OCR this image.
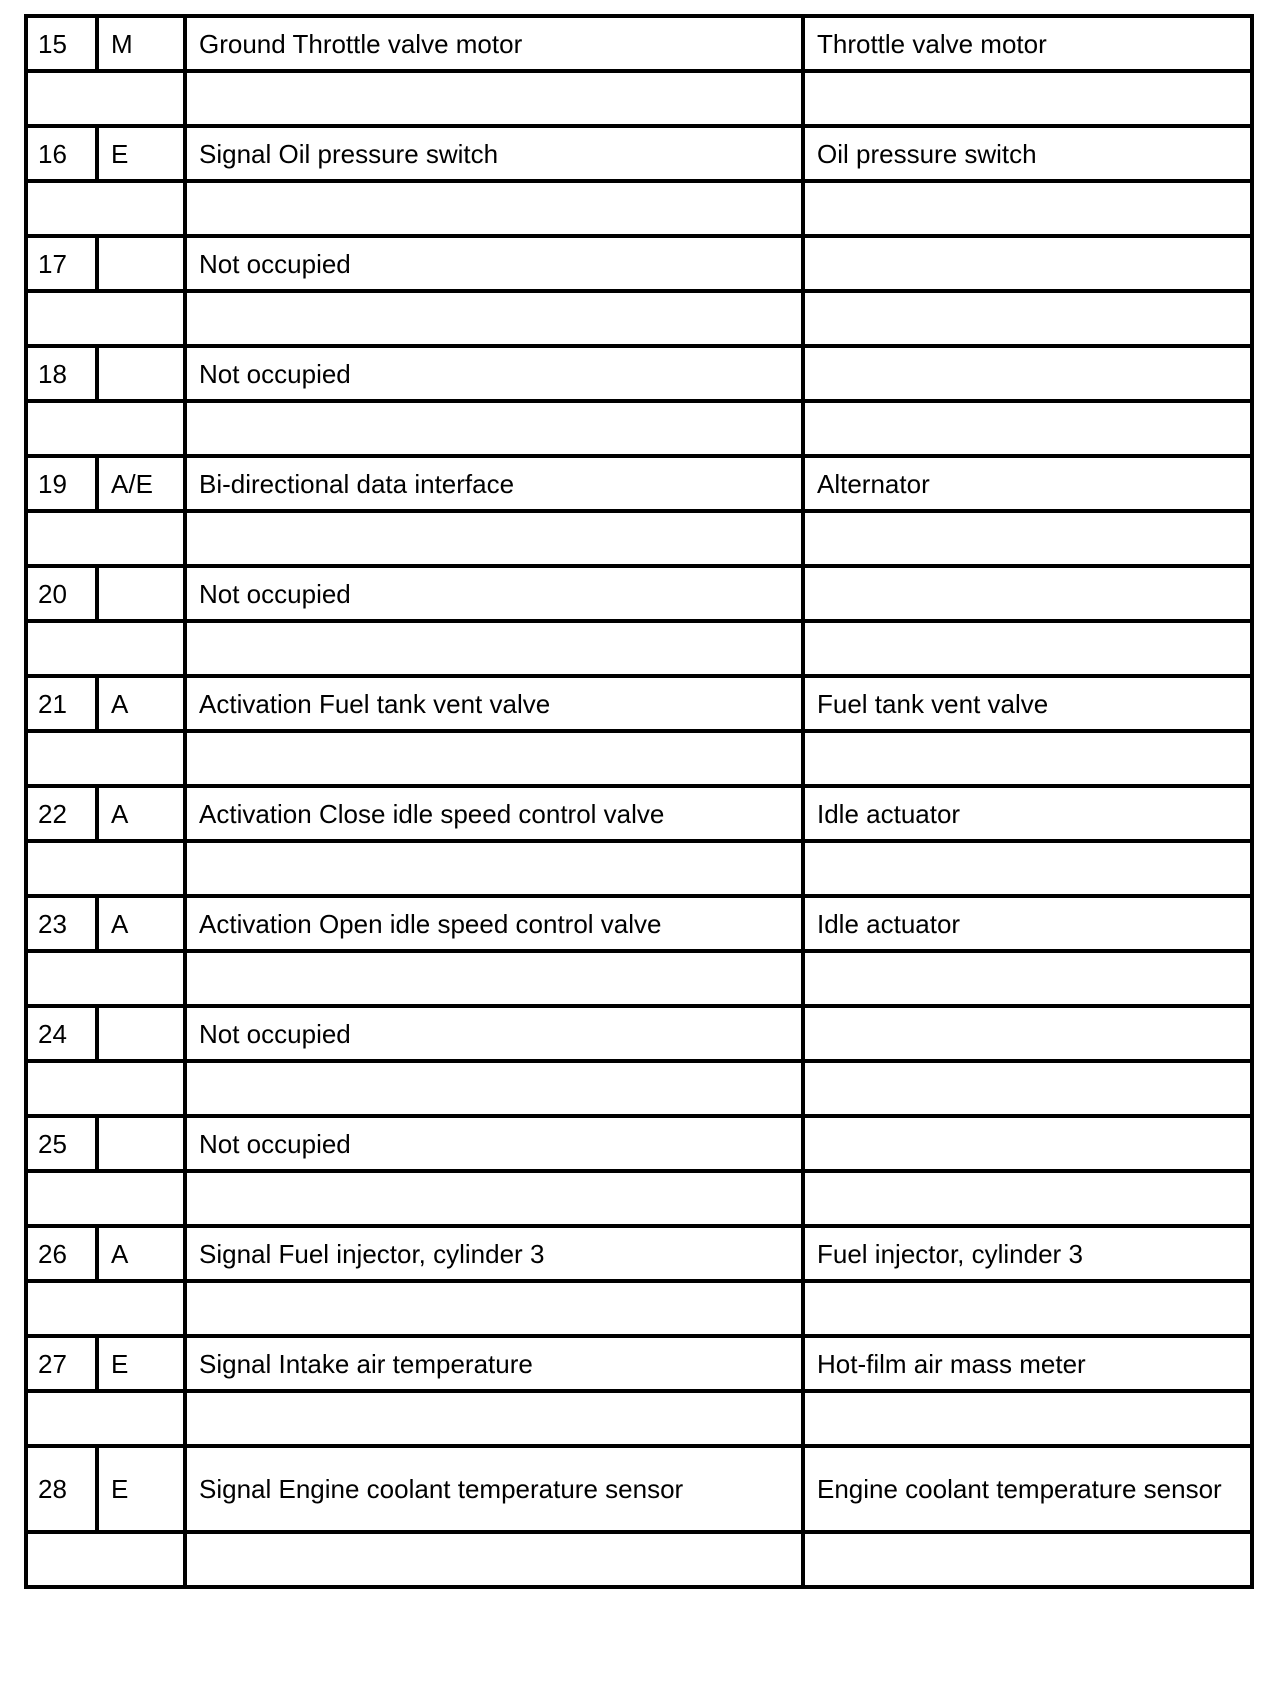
15	M	Ground Throttle valve motor	Throttle valve motor

16	E	Signal Oil pressure switch	Oil pressure switch

17		Not occupied	

18		Not occupied	

19	A/E	Bi-directional data interface	Alternator

20		Not occupied	

21	A	Activation Fuel tank vent valve	Fuel tank vent valve

22	A	Activation Close idle speed control valve	Idle actuator

23	A	Activation Open idle speed control valve	Idle actuator

24		Not occupied	

25		Not occupied	

26	A	Signal Fuel injector, cylinder 3	Fuel injector, cylinder 3

27	E	Signal Intake air temperature	Hot-film air mass meter

28	E	Signal Engine coolant temperature sensor	Engine coolant temperature sensor
